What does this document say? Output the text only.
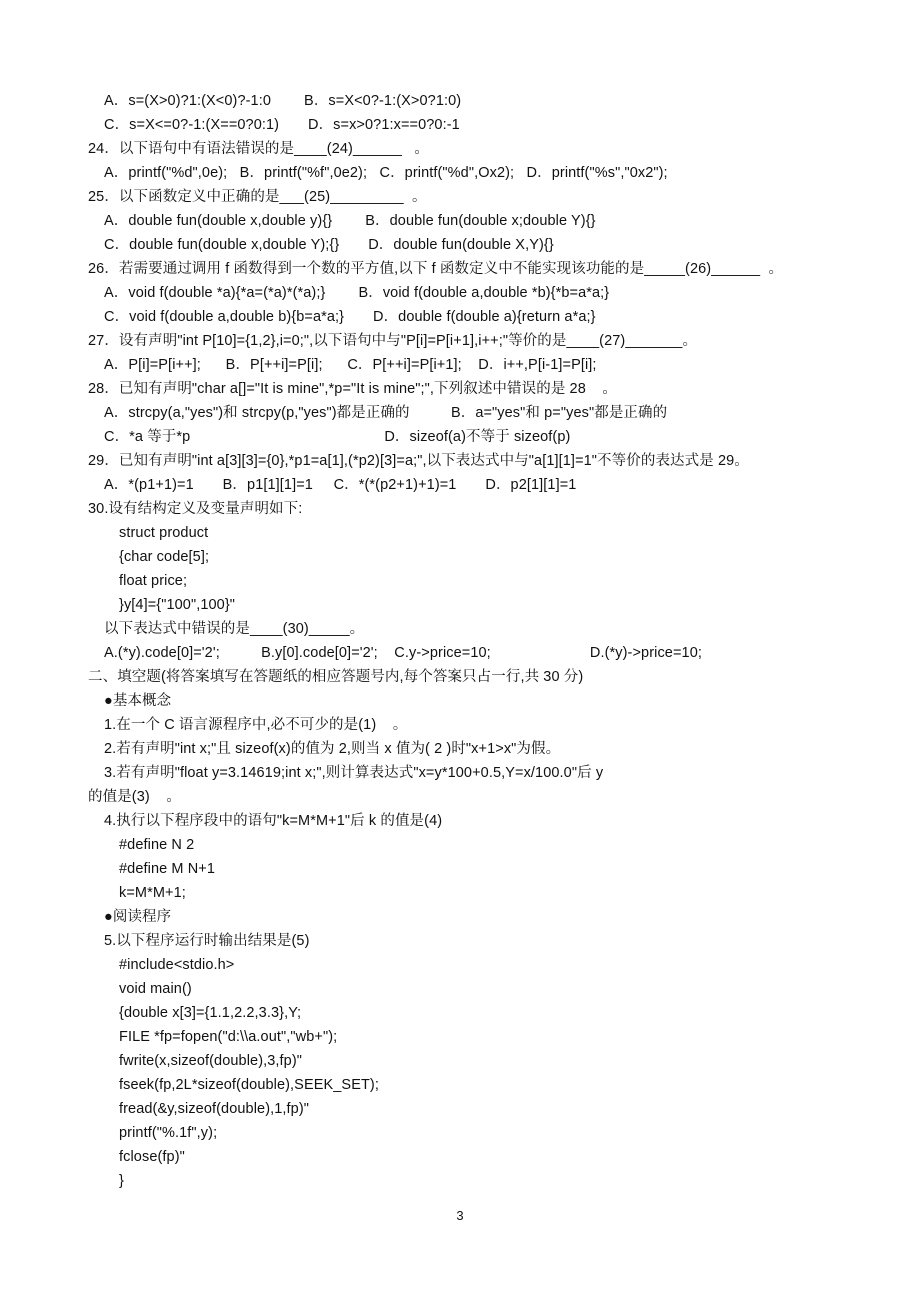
A．s=(X>0)?1:(X<0)?-1:0        B．s=X<0?-1:(X>0?1:0)
C．s=X<=0?-1:(X==0?0:1)       D．s=x>0?1:x==0?0:-1
24．以下语句中有语法错误的是____(24)______   。
A．printf("%d",0e);   B．printf("%f",0e2);   C．printf("%d",Ox2);   D．printf("%s","0x2");
25．以下函数定义中正确的是___(25)_________  。
A．double fun(double x,double y){}        B．double fun(double x;double Y){}
C．double fun(double x,double Y);{}       D．double fun(double X,Y){}
26．若需要通过调用 f 函数得到一个数的平方值,以下 f 函数定义中不能实现该功能的是_____(26)______  。
A．void f(double *a){*a=(*a)*(*a);}        B．void f(double a,double *b){*b=a*a;}
C．void f(double a,double b){b=a*a;}       D．double f(double a){return a*a;}
27．设有声明"int P[10]={1,2},i=0;",以下语句中与"P[i]=P[i+1],i++;"等价的是____(27)_______。
A．P[i]=P[i++];      B．P[++i]=P[i];      C．P[++i]=P[i+1];    D．i++,P[i-1]=P[i];
28．已知有声明"char a[]="It is mine",*p="It is mine";",下列叙述中错误的是 28    。
A．strcpy(a,"yes")和 strcpy(p,"yes")都是正确的          B．a="yes"和 p="yes"都是正确的
C．*a 等于*p                                               D．sizeof(a)不等于 sizeof(p)
29．已知有声明"int a[3][3]={0},*p1=a[1],(*p2)[3]=a;",以下表达式中与"a[1][1]=1"不等价的表达式是 29。
A．*(p1+1)=1       B．p1[1][1]=1     C．*(*(p2+1)+1)=1       D．p2[1][1]=1
30.设有结构定义及变量声明如下:
struct product
{char code[5];
float price;
}y[4]={"100",100}"
以下表达式中错误的是____(30)_____。
A.(*y).code[0]='2';          B.y[0].code[0]='2';    C.y->price=10;                        D.(*y)->price=10;
二、填空题(将答案填写在答题纸的相应答题号内,每个答案只占一行,共 30 分)
●基本概念
1.在一个 C 语言源程序中,必不可少的是(1)    。
2.若有声明"int x;"且 sizeof(x)的值为 2,则当 x 值为( 2 )时"x+1>x"为假。
3.若有声明"float y=3.14619;int x;",则计算表达式"x=y*100+0.5,Y=x/100.0"后 y
的值是(3)    。
4.执行以下程序段中的语句"k=M*M+1"后 k 的值是(4)
#define N 2
#define M N+1
k=M*M+1;
●阅读程序
5.以下程序运行时输出结果是(5)
#include<stdio.h>
void main()
{double x[3]={1.1,2.2,3.3},Y;
FILE *fp=fopen("d:\\a.out","wb+");
fwrite(x,sizeof(double),3,fp)"
fseek(fp,2L*sizeof(double),SEEK_SET);
fread(&y,sizeof(double),1,fp)"
printf("%.1f",y);
fclose(fp)"
}
3
